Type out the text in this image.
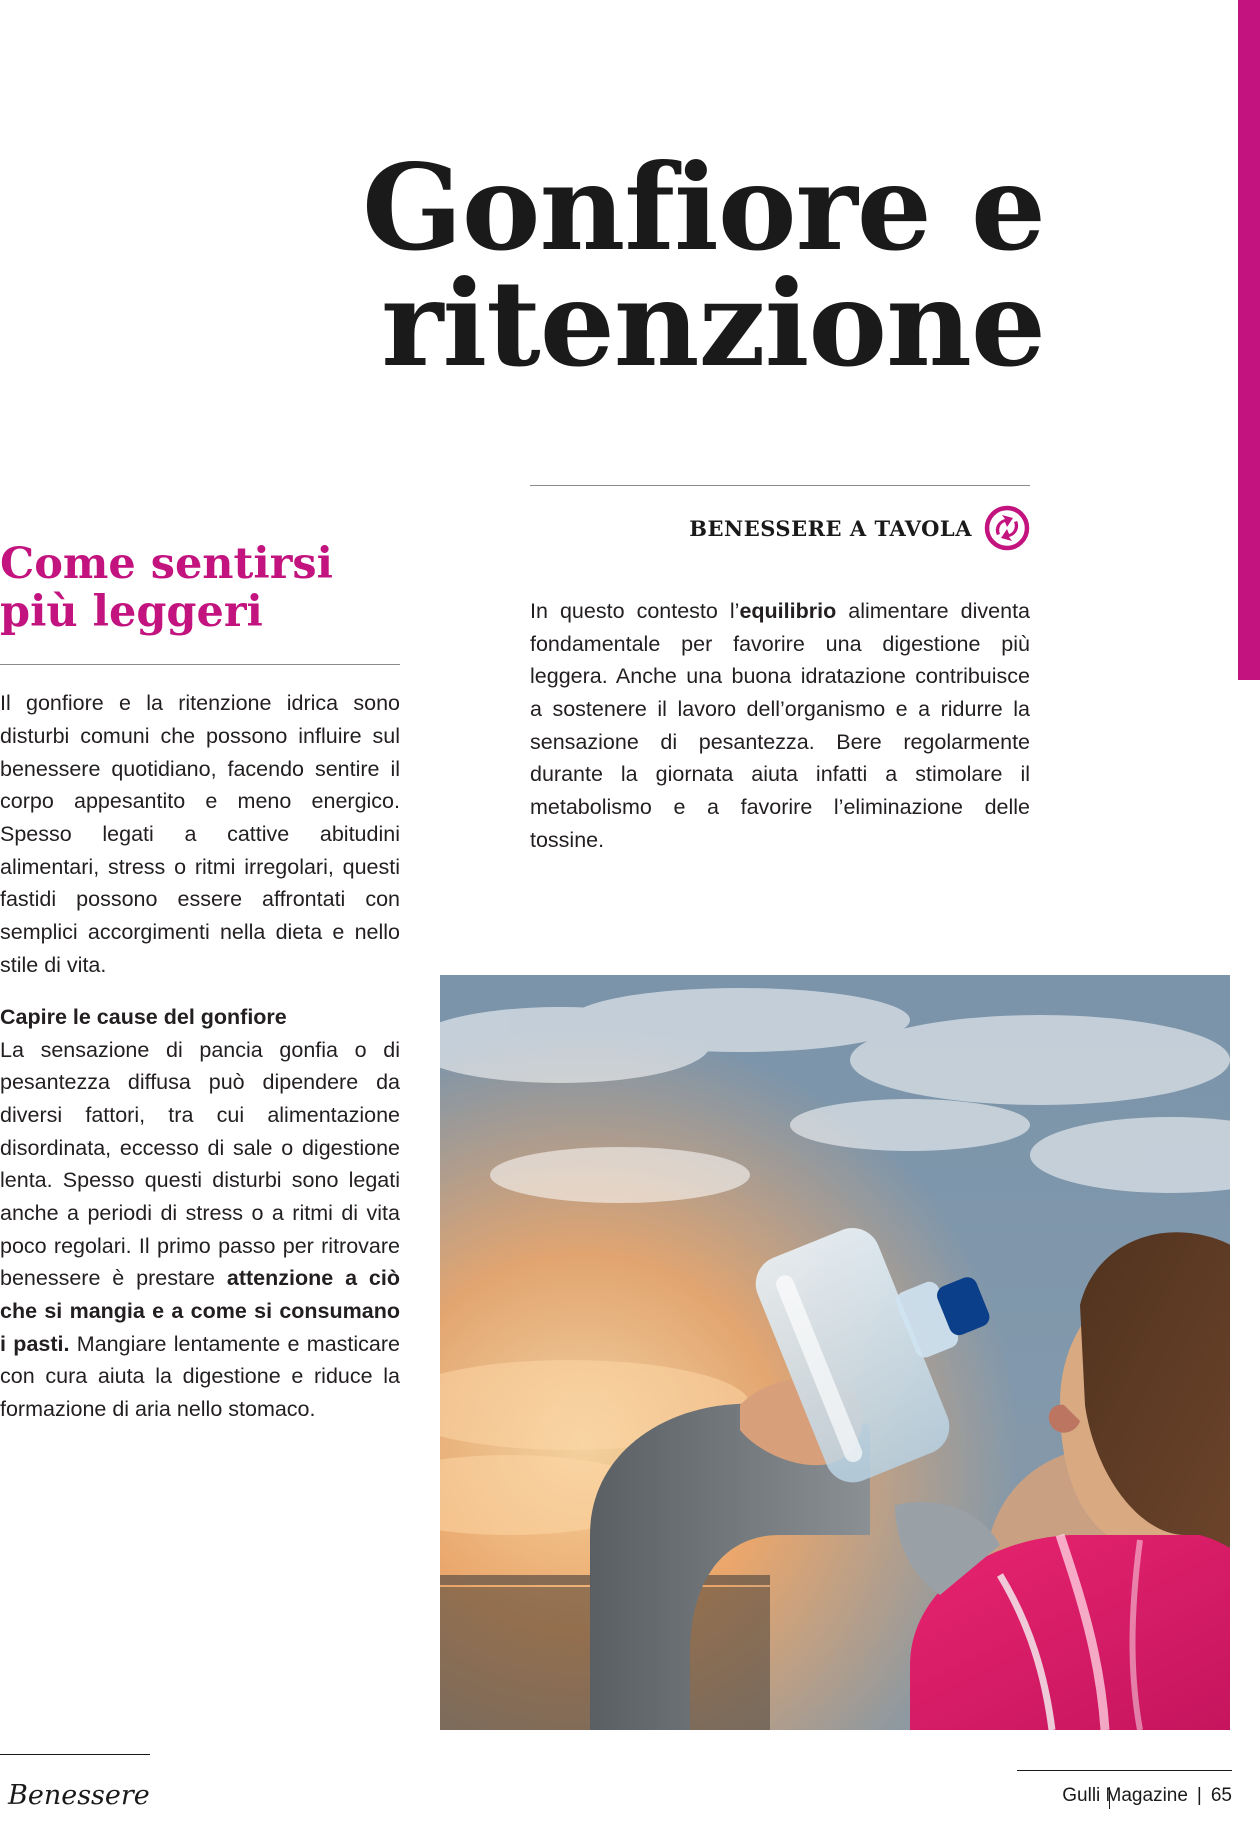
Gonfiore e
ritenzione
Come sentirsi
più leggeri

Il gonfiore e la ritenzione idrica sono disturbi comuni che possono influire sul benessere quotidiano, facendo sentire il corpo appesantito e meno energico. Spesso legati a cattive abitudini alimentari, stress o ritmi irregolari, questi fastidi possono essere affrontati con semplici accorgimenti nella dieta e nello stile di vita.

Capire le cause del gonfiore

La sensazione di pancia gonfia o di pesantezza diffusa può dipendere da diversi fattori, tra cui alimentazione disordinata, eccesso di sale o digestione lenta. Spesso questi disturbi sono legati anche a periodi di stress o a ritmi di vita poco regolari. Il primo passo per ritrovare benessere è prestare attenzione a ciò che si mangia e a come si consumano i pasti. Mangiare lentamente e masticare con cura aiuta la digestione e riduce la formazione di aria nello stomaco.

BENESSERE A TAVOLA

In questo contesto l’equilibrio alimentare diventa fondamentale per favorire una digestione più leggera. Anche una buona idratazione contribuisce a sostenere il lavoro dell’organismo e a ridurre la sensazione di pesantezza. Bere regolarmente durante la giornata aiuta infatti a stimolare il metabolismo e a favorire l’eliminazione delle tossine.

Benessere	Gulli Magazine | 65
